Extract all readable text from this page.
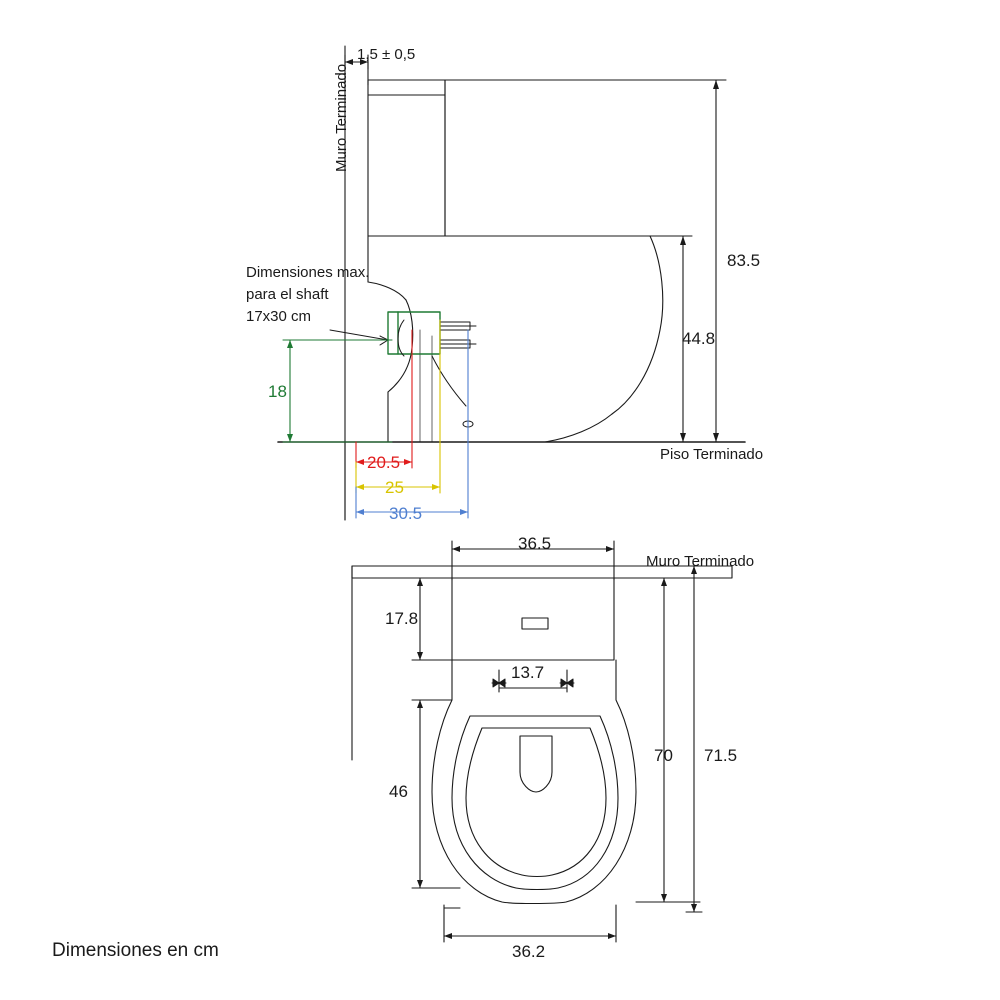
1,5 ± 0,5
Muro Terminado
Dimensiones max.
para el shaft
17x30 cm
83.5
44.8
18
Piso Terminado
20.5
25
30.5
36.5
Muro Terminado
17.8
13.7
46
70 71.5
36.2
Dimensiones en cm
